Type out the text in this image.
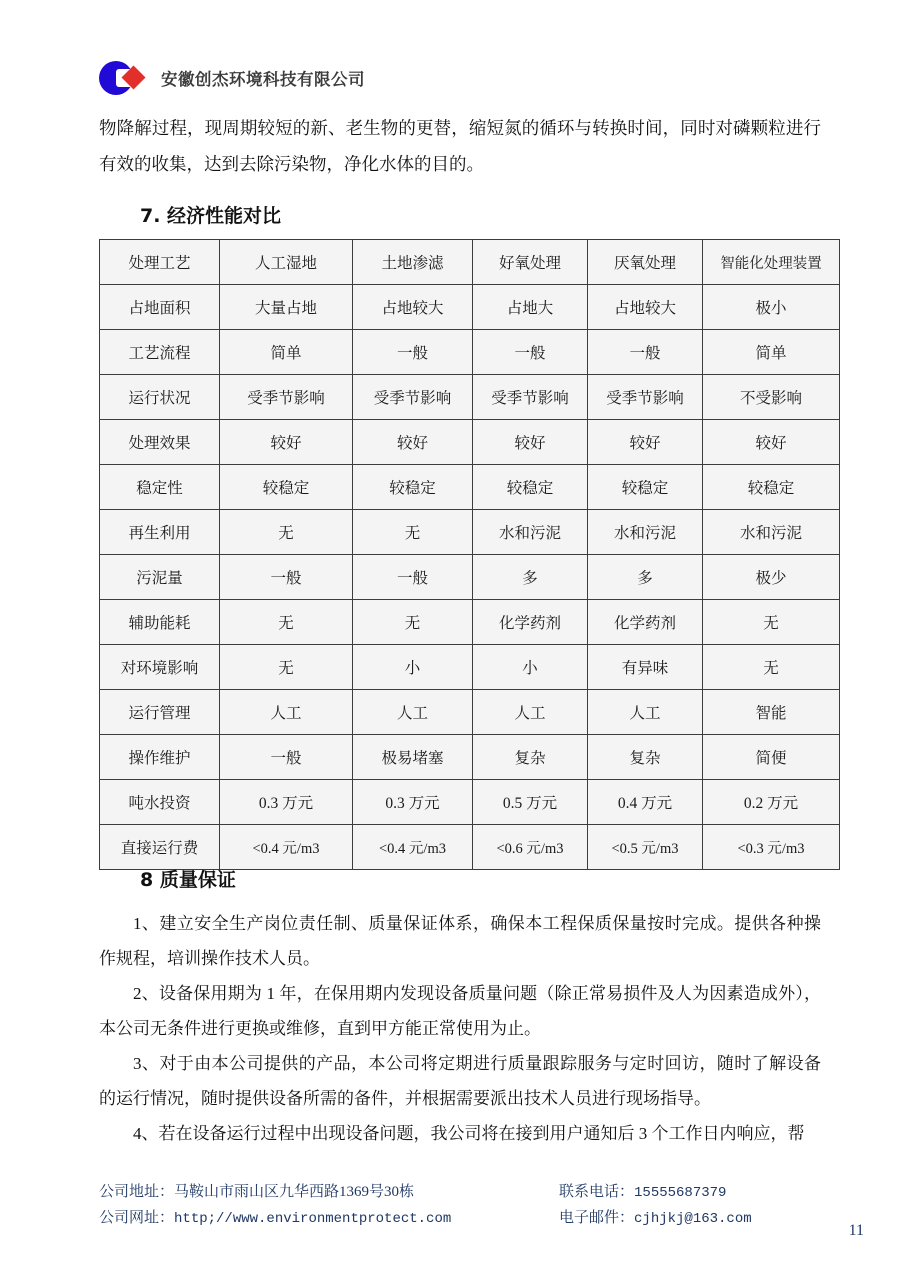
安徽创杰环境科技有限公司
物降解过程，现周期较短的新、老生物的更替，缩短氮的循环与转换时间，同时对磷颗粒进行有效的收集，达到去除污染物，净化水体的目的。
7. 经济性能对比
处理工艺	人工湿地	土地渗滤	好氧处理	厌氧处理	智能化处理装置
占地面积	大量占地	占地较大	占地大	占地较大	极小
工艺流程	简单	一般	一般	一般	简单
运行状况	受季节影响	受季节影响	受季节影响	受季节影响	不受影响
处理效果	较好	较好	较好	较好	较好
稳定性	较稳定	较稳定	较稳定	较稳定	较稳定
再生利用	无	无	水和污泥	水和污泥	水和污泥
污泥量	一般	一般	多	多	极少
辅助能耗	无	无	化学药剂	化学药剂	无
对环境影响	无	小	小	有异味	无
运行管理	人工	人工	人工	人工	智能
操作维护	一般	极易堵塞	复杂	复杂	简便
吨水投资	0.3 万元	0.3 万元	0.5 万元	0.4 万元	0.2 万元
直接运行费	<0.4 元/m3	<0.4 元/m3	<0.6 元/m3	<0.5 元/m3	<0.3 元/m3
8 质量保证
1、建立安全生产岗位责任制、质量保证体系，确保本工程保质保量按时完成。提供各种操作规程，培训操作技术人员。
2、设备保用期为 1 年，在保用期内发现设备质量问题（除正常易损件及人为因素造成外），本公司无条件进行更换或维修，直到甲方能正常使用为止。
3、对于由本公司提供的产品，本公司将定期进行质量跟踪服务与定时回访，随时了解设备的运行情况，随时提供设备所需的备件，并根据需要派出技术人员进行现场指导。
4、若在设备运行过程中出现设备问题，我公司将在接到用户通知后 3 个工作日内响应，帮
公司地址：马鞍山市雨山区九华西路1369号30栋	联系电话：15555687379
公司网址：http;//www.environmentprotect.com	电子邮件：cjhjkj@163.com
11
